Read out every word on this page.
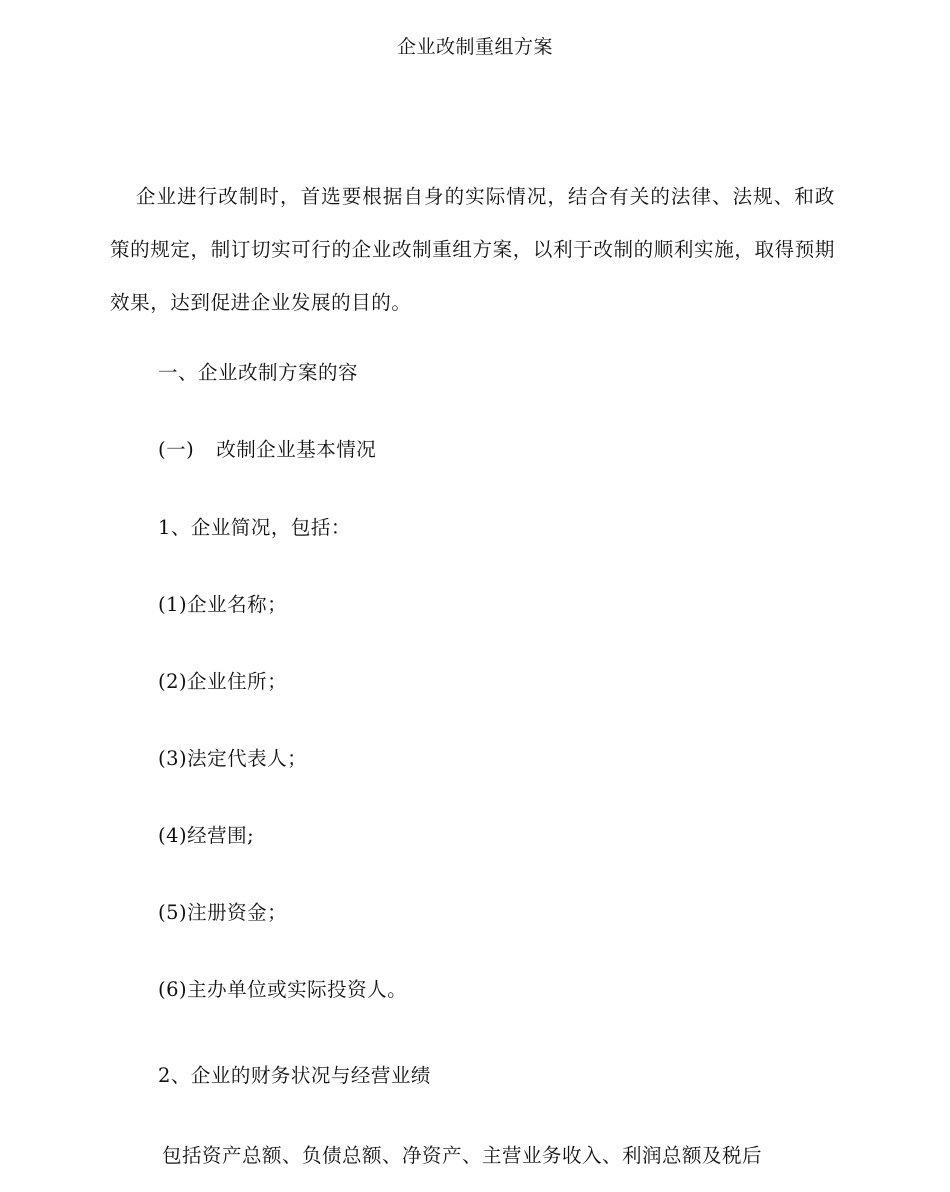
企业改制重组方案

企业进行改制时，首选要根据自身的实际情况，结合有关的法律、法规、和政策的规定，制订切实可行的企业改制重组方案，以利于改制的顺利实施，取得预期效果，达到促进企业发展的目的。

一、企业改制方案的容
(一) 改制企业基本情况
1、企业简况，包括：
(1)企业名称；
(2)企业住所；
(3)法定代表人；
(4)经营围;
(5)注册资金；
(6)主办单位或实际投资人。
2、企业的财务状况与经营业绩
包括资产总额、负债总额、净资产、主营业务收入、利润总额及税后
